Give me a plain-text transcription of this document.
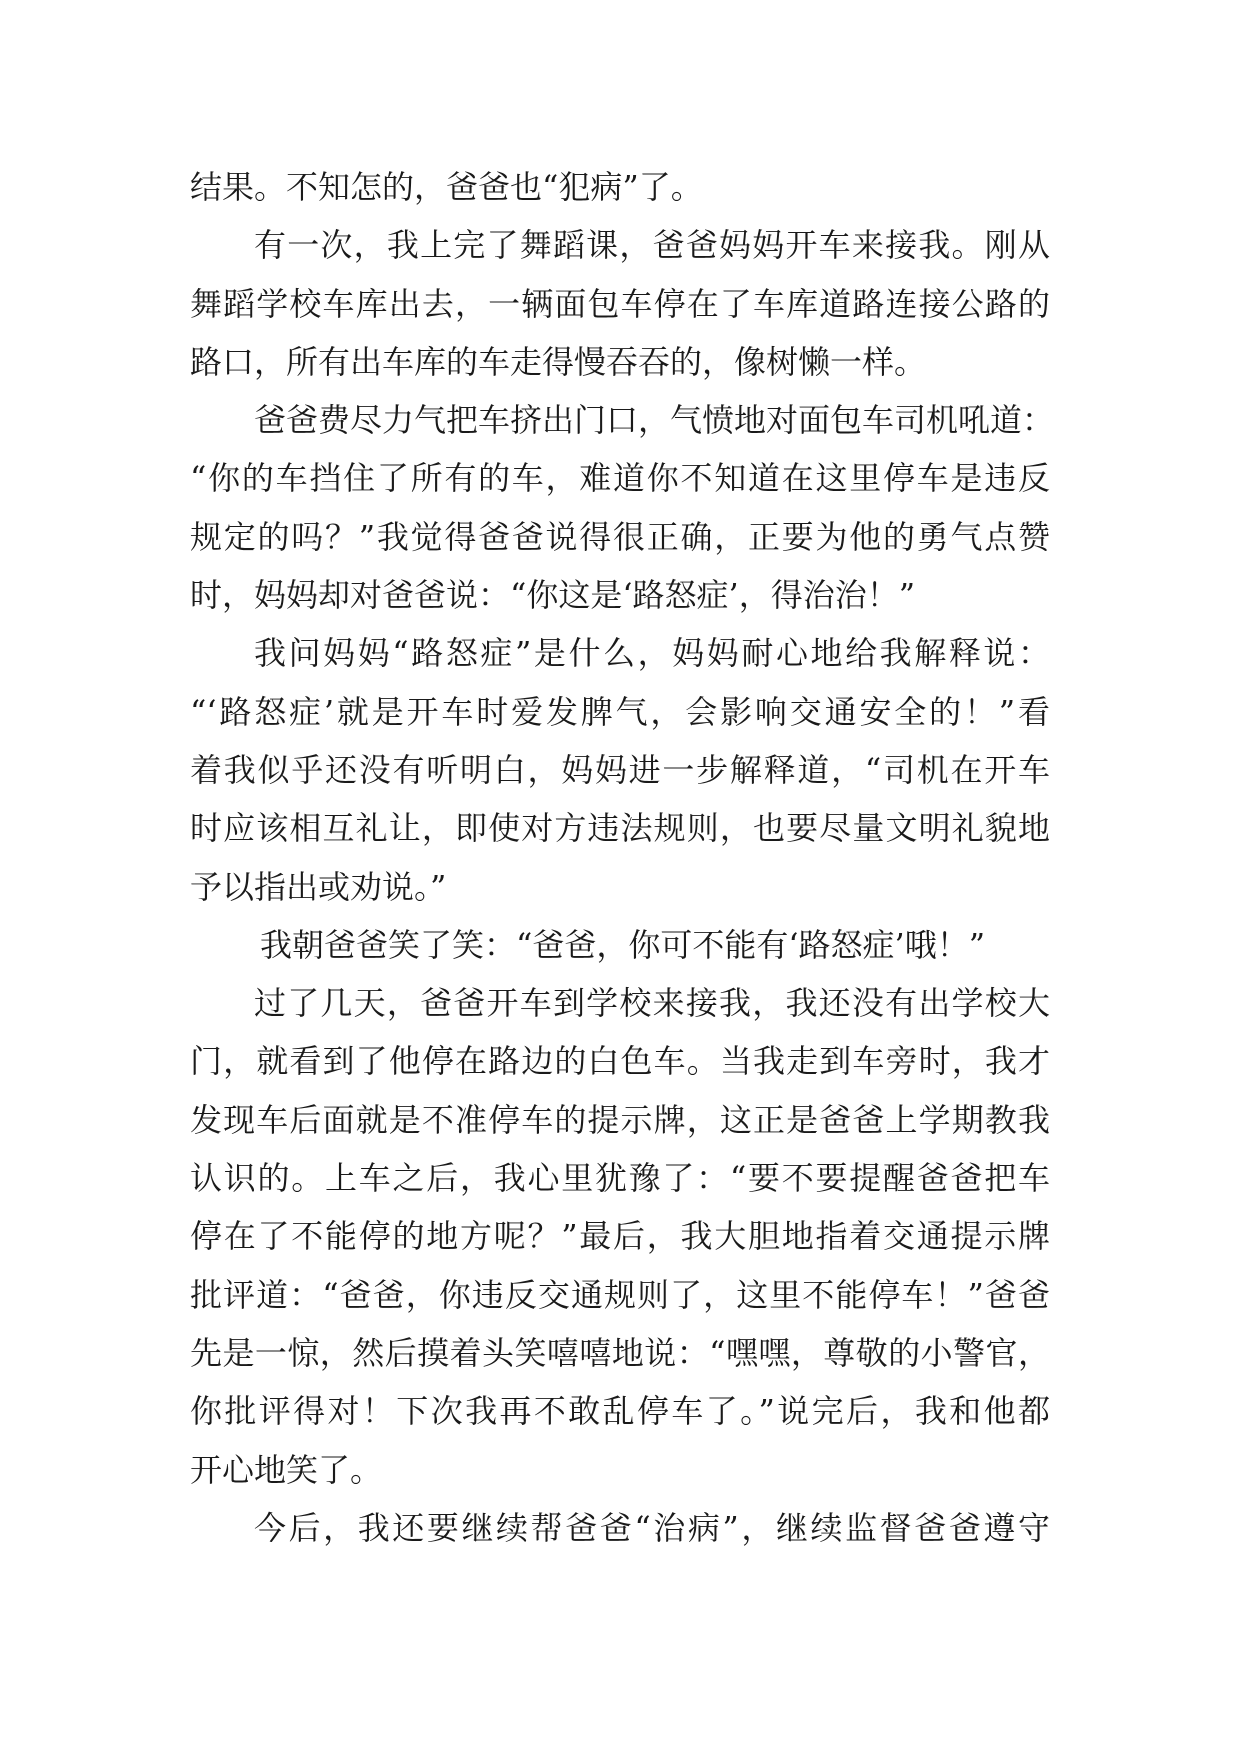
结果。不知怎的，爸爸也“犯病”了。
有一次，我上完了舞蹈课，爸爸妈妈开车来接我。刚从
舞蹈学校车库出去，一辆面包车停在了车库道路连接公路的
路口，所有出车库的车走得慢吞吞的，像树懒一样。
爸爸费尽力气把车挤出门口，气愤地对面包车司机吼道：
“你的车挡住了所有的车，难道你不知道在这里停车是违反
规定的吗？”我觉得爸爸说得很正确，正要为他的勇气点赞
时，妈妈却对爸爸说：“你这是‘路怒症’，得治治！”
我问妈妈“路怒症”是什么，妈妈耐心地给我解释说：
“‘路怒症’就是开车时爱发脾气，会影响交通安全的！”看
着我似乎还没有听明白，妈妈进一步解释道，“司机在开车
时应该相互礼让，即使对方违法规则，也要尽量文明礼貌地
予以指出或劝说。”
我朝爸爸笑了笑：“爸爸，你可不能有‘路怒症’哦！”
过了几天，爸爸开车到学校来接我，我还没有出学校大
门，就看到了他停在路边的白色车。当我走到车旁时，我才
发现车后面就是不准停车的提示牌，这正是爸爸上学期教我
认识的。上车之后，我心里犹豫了：“要不要提醒爸爸把车
停在了不能停的地方呢？”最后，我大胆地指着交通提示牌
批评道：“爸爸，你违反交通规则了，这里不能停车！”爸爸
先是一惊，然后摸着头笑嘻嘻地说：“嘿嘿，尊敬的小警官，
你批评得对！下次我再不敢乱停车了。”说完后，我和他都
开心地笑了。
今后，我还要继续帮爸爸“治病”，继续监督爸爸遵守
